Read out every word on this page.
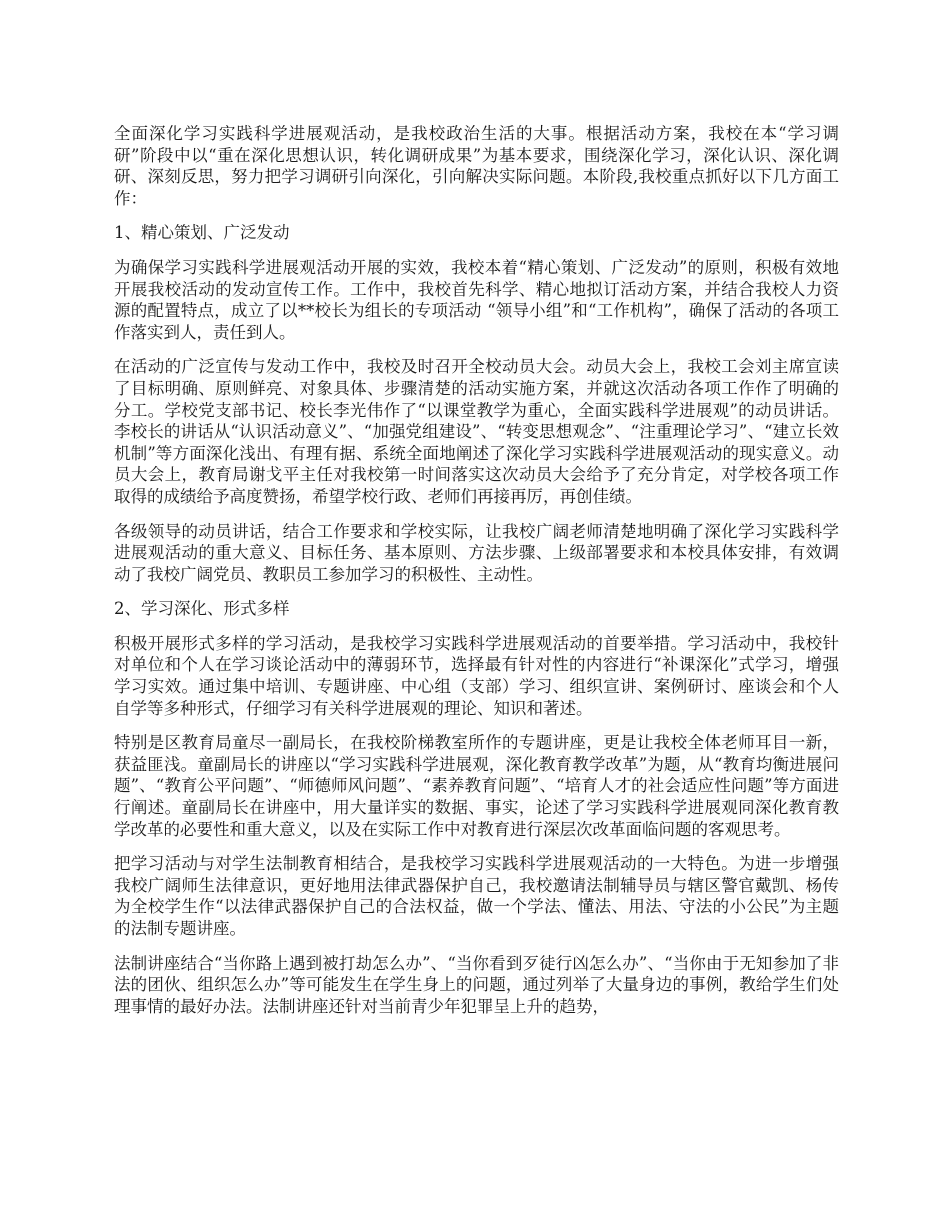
全面深化学习实践科学进展观活动，是我校政治生活的大事。根据活动方案，我校在本“学习调研”阶段中以“重在深化思想认识，转化调研成果”为基本要求，围绕深化学习，深化认识、深化调研、深刻反思，努力把学习调研引向深化，引向解决实际问题。本阶段,我校重点抓好以下几方面工作：

1、精心策划、广泛发动

为确保学习实践科学进展观活动开展的实效，我校本着“精心策划、广泛发动”的原则，积极有效地开展我校活动的发动宣传工作。工作中，我校首先科学、精心地拟订活动方案，并结合我校人力资源的配置特点，成立了以**校长为组长的专项活动 “领导小组”和“工作机构”，确保了活动的各项工作落实到人，责任到人。

在活动的广泛宣传与发动工作中，我校及时召开全校动员大会。动员大会上，我校工会刘主席宣读了目标明确、原则鲜亮、对象具体、步骤清楚的活动实施方案，并就这次活动各项工作作了明确的分工。学校党支部书记、校长李光伟作了“以课堂教学为重心，全面实践科学进展观”的动员讲话。李校长的讲话从“认识活动意义”、“加强党组建设”、“转变思想观念”、“注重理论学习”、“建立长效机制”等方面深化浅出、有理有据、系统全面地阐述了深化学习实践科学进展观活动的现实意义。动员大会上，教育局谢戈平主任对我校第一时间落实这次动员大会给予了充分肯定，对学校各项工作取得的成绩给予高度赞扬，希望学校行政、老师们再接再厉，再创佳绩。

各级领导的动员讲话，结合工作要求和学校实际，让我校广阔老师清楚地明确了深化学习实践科学进展观活动的重大意义、目标任务、基本原则、方法步骤、上级部署要求和本校具体安排，有效调动了我校广阔党员、教职员工参加学习的积极性、主动性。

2、学习深化、形式多样

积极开展形式多样的学习活动，是我校学习实践科学进展观活动的首要举措。学习活动中，我校针对单位和个人在学习谈论活动中的薄弱环节，选择最有针对性的内容进行“补课深化”式学习，增强学习实效。通过集中培训、专题讲座、中心组（支部）学习、组织宣讲、案例研讨、座谈会和个人自学等多种形式，仔细学习有关科学进展观的理论、知识和著述。

特别是区教育局童尽一副局长，在我校阶梯教室所作的专题讲座，更是让我校全体老师耳目一新，获益匪浅。童副局长的讲座以“学习实践科学进展观，深化教育教学改革”为题，从“教育均衡进展问题”、“教育公平问题”、“师德师风问题”、“素养教育问题”、“培育人才的社会适应性问题”等方面进行阐述。童副局长在讲座中，用大量详实的数据、事实，论述了学习实践科学进展观同深化教育教学改革的必要性和重大意义，以及在实际工作中对教育进行深层次改革面临问题的客观思考。

把学习活动与对学生法制教育相结合，是我校学习实践科学进展观活动的一大特色。为进一步增强我校广阔师生法律意识，更好地用法律武器保护自己，我校邀请法制辅导员与辖区警官戴凯、杨传为全校学生作“以法律武器保护自己的合法权益，做一个学法、懂法、用法、守法的小公民”为主题的法制专题讲座。

法制讲座结合“当你路上遇到被打劫怎么办”、“当你看到歹徒行凶怎么办”、“当你由于无知参加了非法的团伙、组织怎么办”等可能发生在学生身上的问题，通过列举了大量身边的事例，教给学生们处理事情的最好办法。法制讲座还针对当前青少年犯罪呈上升的趋势，
